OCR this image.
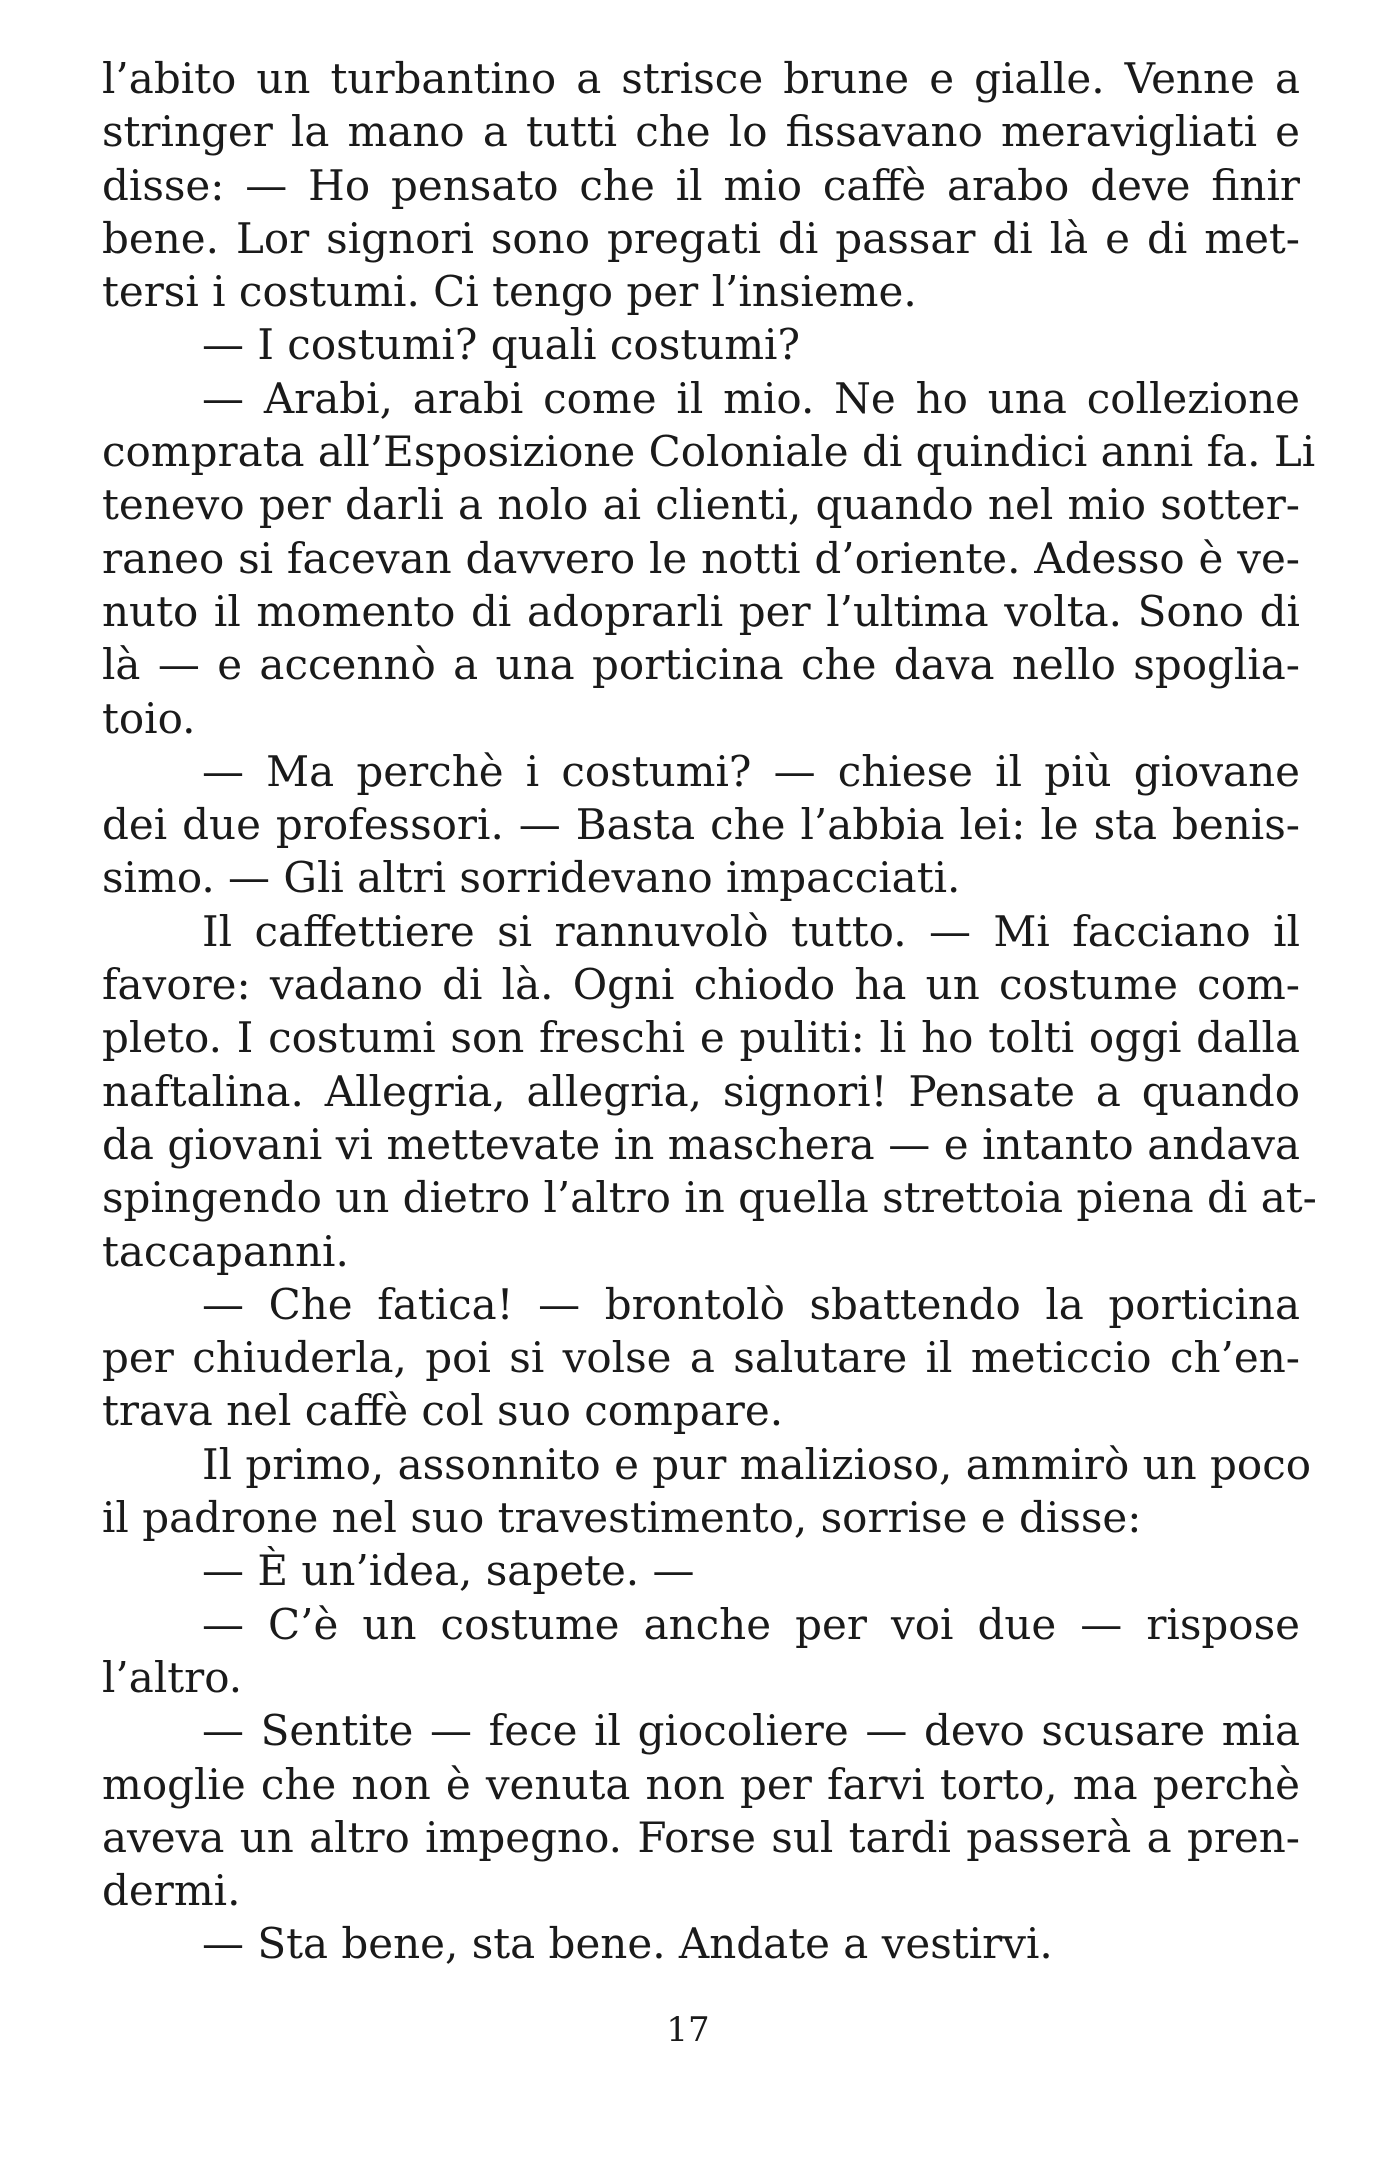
l’abito un turbantino a strisce brune e gialle. Venne a
stringer la mano a tutti che lo fissavano meravigliati e
disse: — Ho pensato che il mio caffè arabo deve finir
bene. Lor signori sono pregati di passar di là e di met-
tersi i costumi. Ci tengo per l’insieme.
— I costumi? quali costumi?
— Arabi, arabi come il mio. Ne ho una collezione
comprata all’Esposizione Coloniale di quindici anni fa. Li
tenevo per darli a nolo ai clienti, quando nel mio sotter-
raneo si facevan davvero le notti d’oriente. Adesso è ve-
nuto il momento di adoprarli per l’ultima volta. Sono di
là — e accennò a una porticina che dava nello spoglia-
toio.
— Ma perchè i costumi? — chiese il più giovane
dei due professori. — Basta che l’abbia lei: le sta benis-
simo. — Gli altri sorridevano impacciati.
Il caffettiere si rannuvolò tutto. — Mi facciano il
favore: vadano di là. Ogni chiodo ha un costume com-
pleto. I costumi son freschi e puliti: li ho tolti oggi dalla
naftalina. Allegria, allegria, signori! Pensate a quando
da giovani vi mettevate in maschera — e intanto andava
spingendo un dietro l’altro in quella strettoia piena di at-
taccapanni.
— Che fatica! — brontolò sbattendo la porticina
per chiuderla, poi si volse a salutare il meticcio ch’en-
trava nel caffè col suo compare.
Il primo, assonnito e pur malizioso, ammirò un poco
il padrone nel suo travestimento, sorrise e disse:
— È un’idea, sapete. —
— C’è un costume anche per voi due — rispose
l’altro.
— Sentite — fece il giocoliere — devo scusare mia
moglie che non è venuta non per farvi torto, ma perchè
aveva un altro impegno. Forse sul tardi passerà a pren-
dermi.
— Sta bene, sta bene. Andate a vestirvi.
17
